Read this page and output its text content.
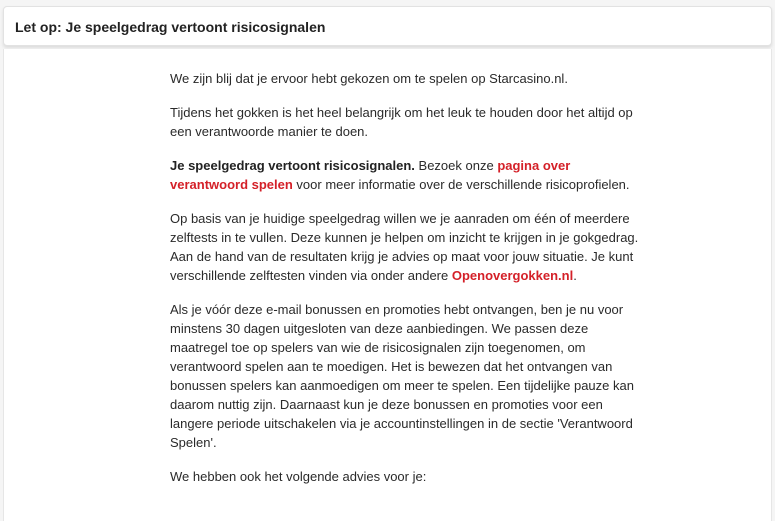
Let op: Je speelgedrag vertoont risicosignalen

We zijn blij dat je ervoor hebt gekozen om te spelen op Starcasino.nl.

Tijdens het gokken is het heel belangrijk om het leuk te houden door het altijd op een verantwoorde manier te doen.

Je speelgedrag vertoont risicosignalen. Bezoek onze pagina over verantwoord spelen voor meer informatie over de verschillende risicoprofielen.

Op basis van je huidige speelgedrag willen we je aanraden om één of meerdere zelftests in te vullen. Deze kunnen je helpen om inzicht te krijgen in je gokgedrag. Aan de hand van de resultaten krijg je advies op maat voor jouw situatie. Je kunt verschillende zelftesten vinden via onder andere Openovergokken.nl.

Als je vóór deze e-mail bonussen en promoties hebt ontvangen, ben je nu voor minstens 30 dagen uitgesloten van deze aanbiedingen. We passen deze maatregel toe op spelers van wie de risicosignalen zijn toegenomen, om verantwoord spelen aan te moedigen. Het is bewezen dat het ontvangen van bonussen spelers kan aanmoedigen om meer te spelen. Een tijdelijke pauze kan daarom nuttig zijn. Daarnaast kun je deze bonussen en promoties voor een langere periode uitschakelen via je accountinstellingen in de sectie 'Verantwoord Spelen'.

We hebben ook het volgende advies voor je:
